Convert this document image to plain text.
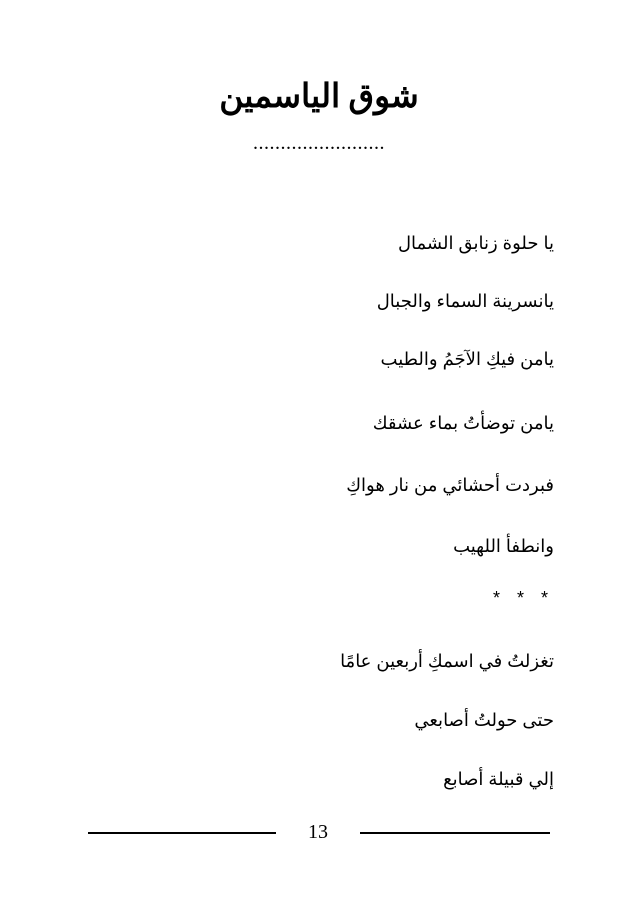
شوق الياسمين
........................
يا حلوة زنابق الشمال
يانسرينة السماء والجبال
يامن فيكِ الآجَمُ والطيب
يامن توضأتُ بماء عشقك
فبردت أحشائي من نار هواكِ
وانطفأ اللهيب
* * *
تغزلتُ في اسمكِ أربعين عامًا
حتى حولتُ أصابعي
إلي قبيلة أصابع
13
